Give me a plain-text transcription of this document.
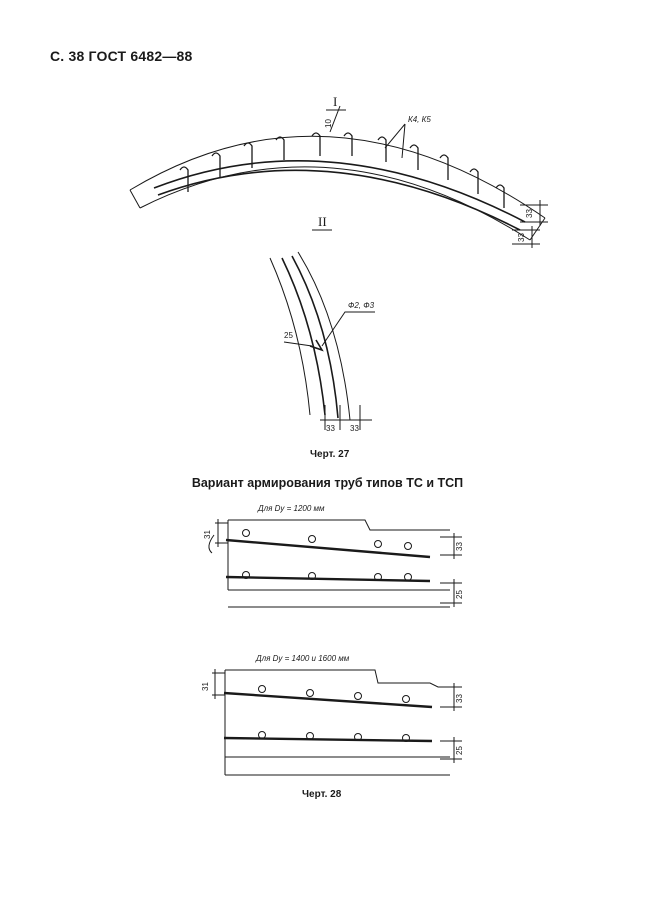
С. 38 ГОСТ 6482—88
I
К4, К5
10
33
33
II
Ф2, Ф3
25
33 33
Черт. 27
Вариант армирования труб типов ТС и ТСП
Для Dу = 1200 мм
31
33
25
Для Dу = 1400 и 1600 мм
31
33
25
Черт. 28
